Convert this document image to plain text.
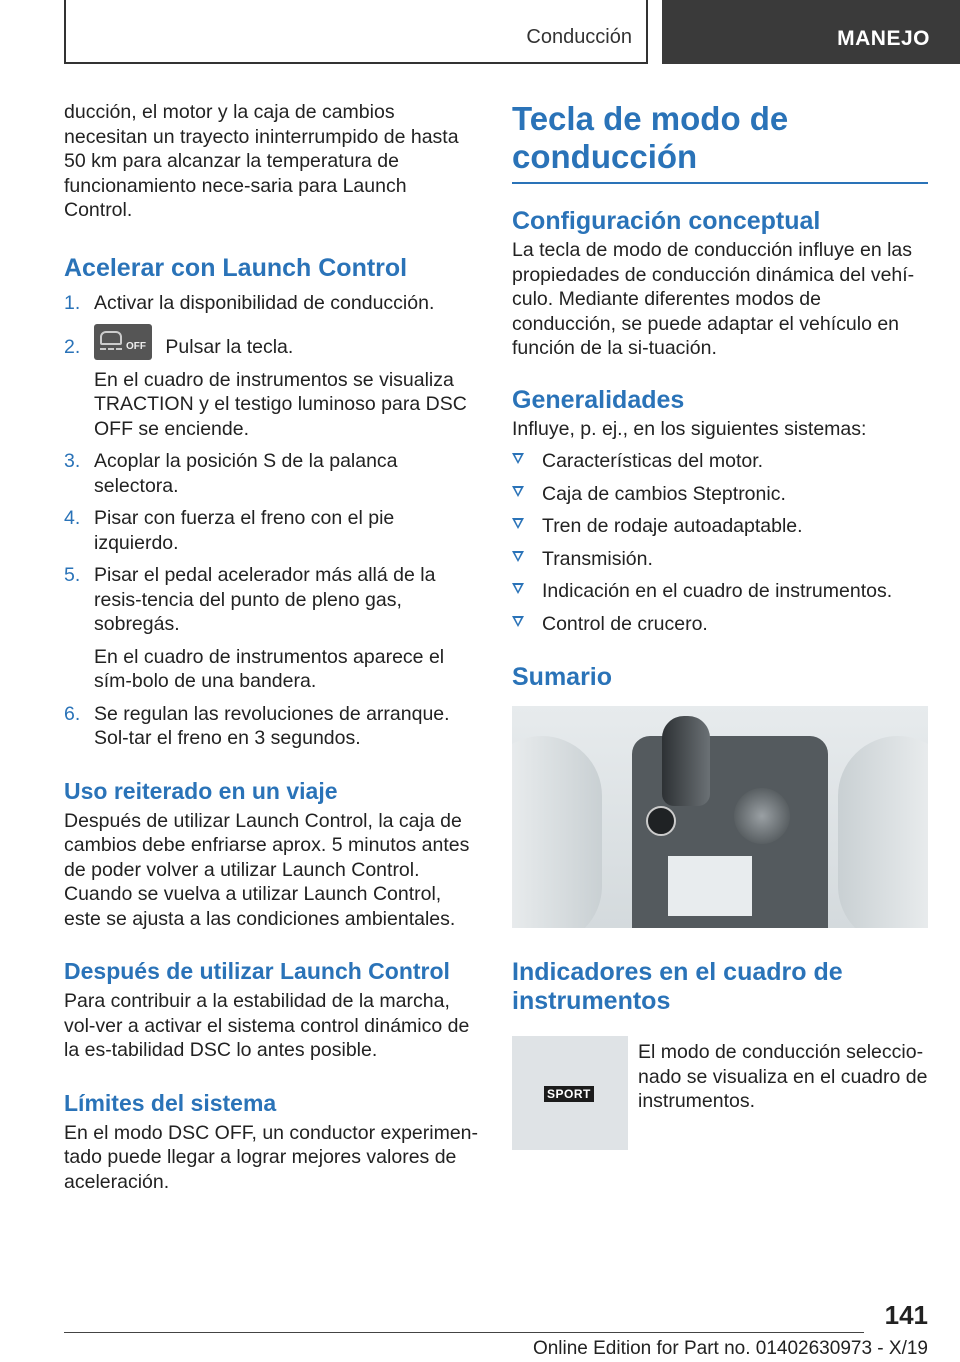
Conducción	MANEJO

ducción, el motor y la caja de cambios necesitan un trayecto ininterrumpido de hasta 50 km para alcanzar la temperatura de funcionamiento nece-saria para Launch Control.

Acelerar con Launch Control
1. Activar la disponibilidad de conducción.
2.	OFF Pulsar la tecla.
En el cuadro de instrumentos se visualiza TRACTION y el testigo luminoso para DSC OFF se enciende.
3. Acoplar la posición S de la palanca selectora.
4. Pisar con fuerza el freno con el pie izquierdo.
5. Pisar el pedal acelerador más allá de la resis-tencia del punto de pleno gas, sobregás.
En el cuadro de instrumentos aparece el sím-bolo de una bandera.
6. Se regulan las revoluciones de arranque. Sol-tar el freno en 3 segundos.
Uso reiterado en un viaje

Después de utilizar Launch Control, la caja de cambios debe enfriarse aprox. 5 minutos antes de poder volver a utilizar Launch Control. Cuando se vuelva a utilizar Launch Control, este se ajusta a las condiciones ambientales.

Después de utilizar Launch Control

Para contribuir a la estabilidad de la marcha, vol-ver a activar el sistema control dinámico de la es-tabilidad DSC lo antes posible.

Límites del sistema

En el modo DSC OFF, un conductor experimen-tado puede llegar a lograr mejores valores de aceleración.

Tecla de modo de conducción
Configuración conceptual

La tecla de modo de conducción influye en las propiedades de conducción dinámica del vehí-culo. Mediante diferentes modos de conducción, se puede adaptar el vehículo en función de la si-tuación.

Generalidades

Influye, p. ej., en los siguientes sistemas:

Características del motor.
Caja de cambios Steptronic.
Tren de rodaje autoadaptable.
Transmisión.
Indicación en el cuadro de instrumentos.
Control de crucero.
Sumario
Indicadores en el cuadro de instrumentos
SPORT

El modo de conducción seleccio-nado se visualiza en el cuadro de instrumentos.

141
Online Edition for Part no. 01402630973 - X/19
